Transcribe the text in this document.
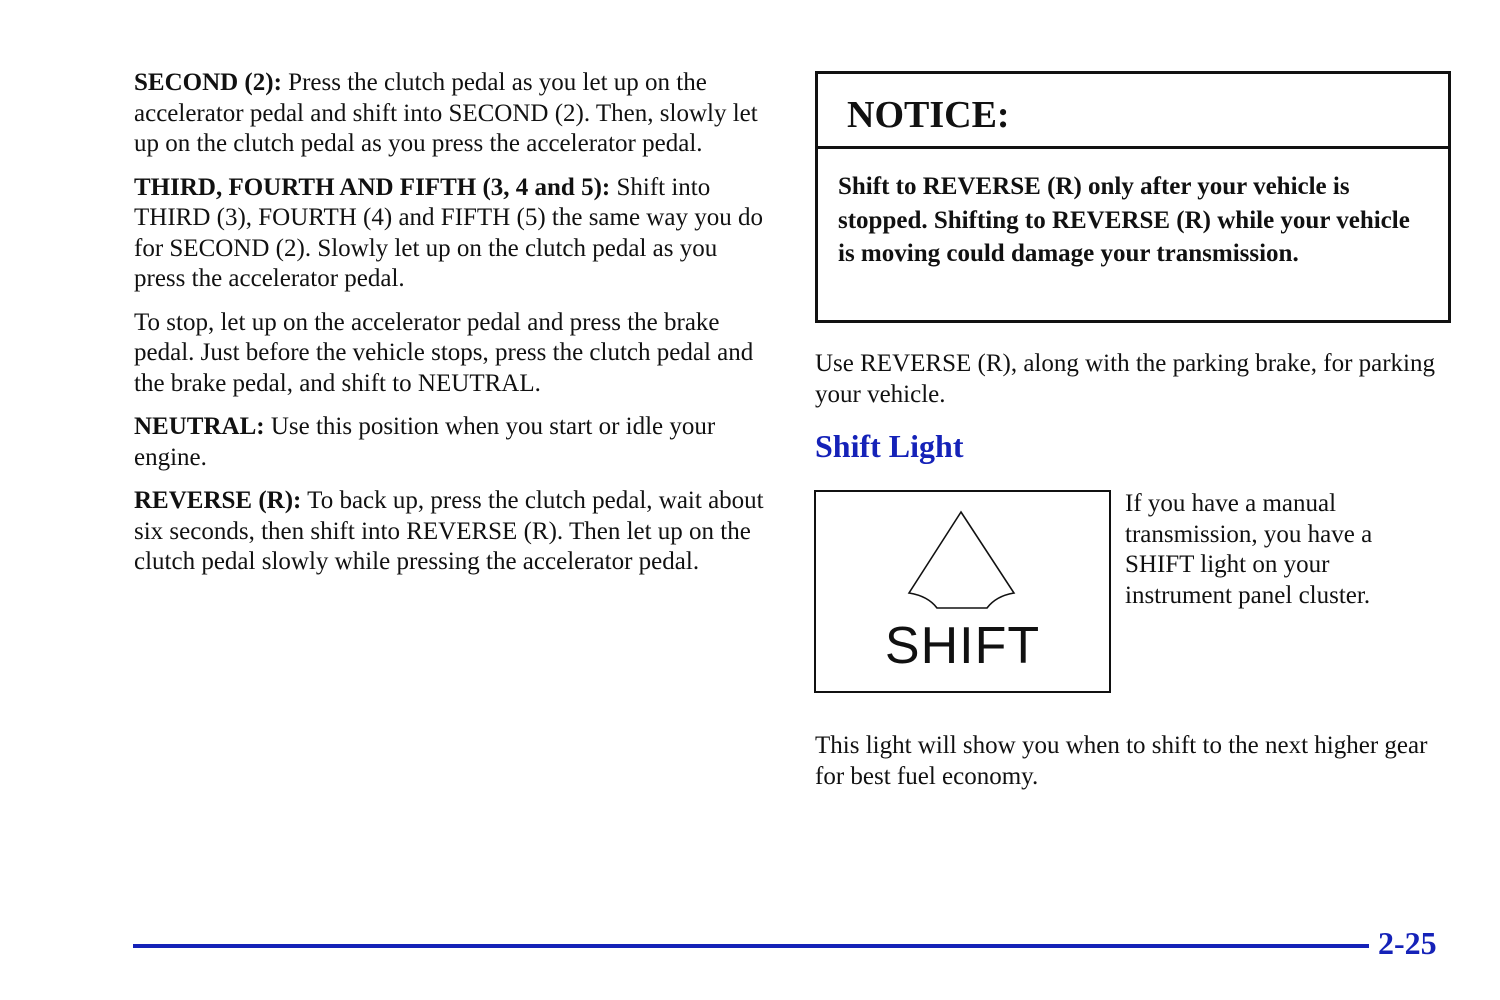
SECOND (2): Press the clutch pedal as you let up on the accelerator pedal and shift into SECOND (2). Then, slowly let up on the clutch pedal as you press the accelerator pedal.

THIRD, FOURTH AND FIFTH (3, 4 and 5): Shift into THIRD (3), FOURTH (4) and FIFTH (5) the same way you do for SECOND (2). Slowly let up on the clutch pedal as you press the accelerator pedal.

To stop, let up on the accelerator pedal and press the brake pedal. Just before the vehicle stops, press the clutch pedal and the brake pedal, and shift to NEUTRAL.

NEUTRAL: Use this position when you start or idle your engine.

REVERSE (R): To back up, press the clutch pedal, wait about six seconds, then shift into REVERSE (R). Then let up on the clutch pedal slowly while pressing the accelerator pedal.

NOTICE:
Shift to REVERSE (R) only after your vehicle is stopped. Shifting to REVERSE (R) while your vehicle is moving could damage your transmission.

Use REVERSE (R), along with the parking brake, for parking your vehicle.

Shift Light
SHIFT

If you have a manual transmission, you have a SHIFT light on your instrument panel cluster.

This light will show you when to shift to the next higher gear for best fuel economy.

2-25
